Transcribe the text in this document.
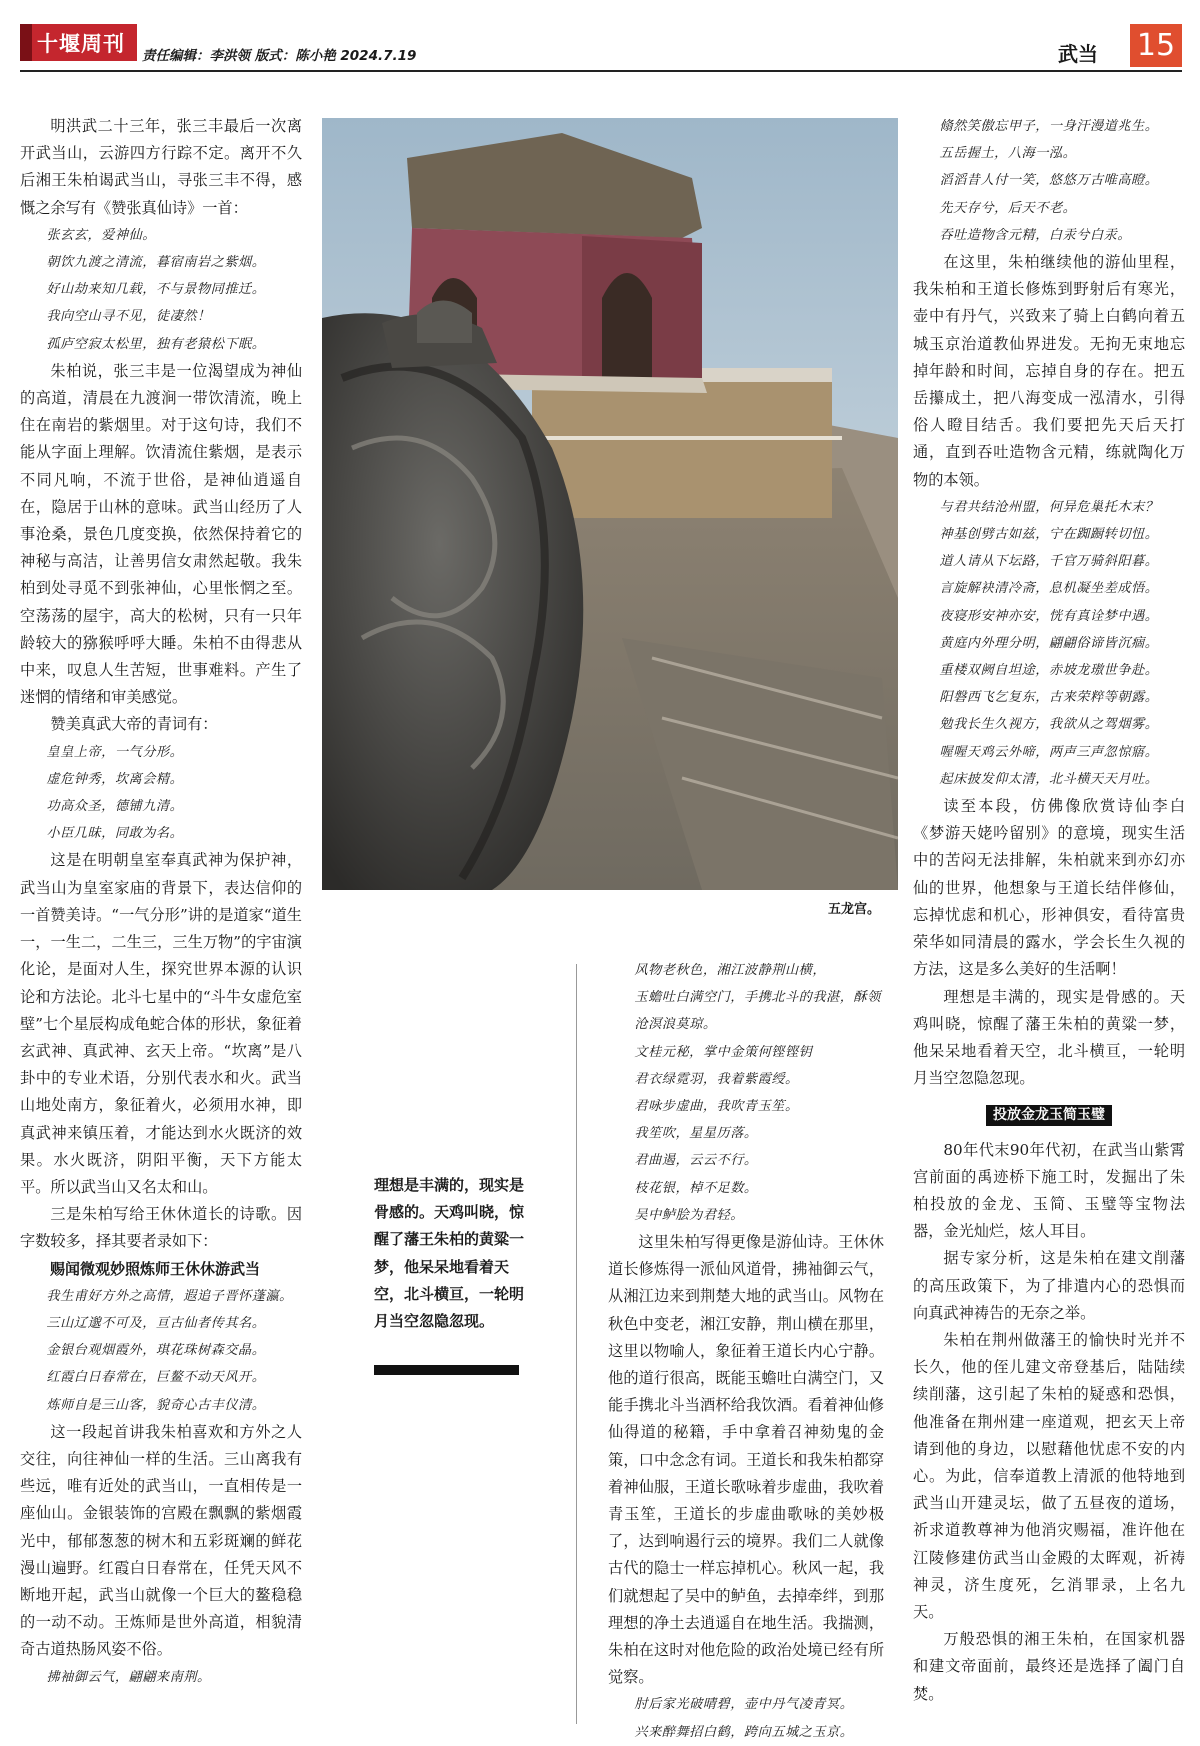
十堰周刊
责任编辑：李洪领 版式：陈小艳 2024.7.19	武当 15

明洪武二十三年，张三丰最后一次离开武当山，云游四方行踪不定。离开不久后湘王朱柏谒武当山，寻张三丰不得，感慨之余写有《赞张真仙诗》一首：

张玄玄，爱神仙。

朝饮九渡之清流，暮宿南岩之紫烟。

好山劫来知几载，不与景物同推迁。

我向空山寻不见，徒凄然！

孤庐空寂太松里，独有老猿松下眠。

朱柏说，张三丰是一位渴望成为神仙的高道，清晨在九渡涧一带饮清流，晚上住在南岩的紫烟里。对于这句诗，我们不能从字面上理解。饮清流住紫烟，是表示不同凡响，不流于世俗，是神仙逍遥自在，隐居于山林的意味。武当山经历了人事沧桑，景色几度变换，依然保持着它的神秘与高洁，让善男信女肃然起敬。我朱柏到处寻觅不到张神仙，心里怅惘之至。空荡荡的屋宇，高大的松树，只有一只年龄较大的猕猴呼呼大睡。朱柏不由得悲从中来，叹息人生苦短，世事难料。产生了迷惘的情绪和审美感觉。

赞美真武大帝的青词有：

皇皇上帝，一气分形。

虚危钟秀，坎离会精。

功高众圣，德铺九清。

小臣几昧，同敢为名。

这是在明朝皇室奉真武神为保护神，武当山为皇室家庙的背景下，表达信仰的一首赞美诗。“一气分形”讲的是道家“道生一，一生二，二生三，三生万物”的宇宙演化论，是面对人生，探究世界本源的认识论和方法论。北斗七星中的“斗牛女虚危室壁”七个星辰构成龟蛇合体的形状，象征着玄武神、真武神、玄天上帝。“坎离”是八卦中的专业术语，分别代表水和火。武当山地处南方，象征着火，必须用水神，即真武神来镇压着，才能达到水火既济的效果。水火既济，阴阳平衡，天下方能太平。所以武当山又名太和山。

三是朱柏写给王休休道长的诗歌。因字数较多，择其要者录如下：

赐闻微观妙照炼师王休休游武当

我生甫好方外之高情，遐追子晋怀蓬瀛。

三山辽邈不可及，亘古仙者传其名。

金银台观烟霞外，琪花珠树森交晶。

红霞白日春常在，巨鳌不动天风开。

炼师自是三山客，貌奇心古丰仪清。

这一段起首讲我朱柏喜欢和方外之人交往，向往神仙一样的生活。三山离我有些远，唯有近处的武当山，一直相传是一座仙山。金银装饰的宫殿在飘飘的紫烟霞光中，郁郁葱葱的树木和五彩斑斓的鲜花漫山遍野。红霞白日春常在，任凭天风不断地开起，武当山就像一个巨大的鳌稳稳的一动不动。王炼师是世外高道，相貌清奇古道热肠风姿不俗。

拂袖御云气，翩翩来南荆。

五龙宫。
理想是丰满的，现实是骨感的。天鸡叫晓，惊醒了藩王朱柏的黄粱一梦，他呆呆地看着天空，北斗横亘，一轮明月当空忽隐忽现。

风物老秋色，湘江波静荆山横，

玉蟾吐白满空门，手携北斗的我湛，酥领沧溟浪莫琼。

文桂元秘，掌中金策何铿铿钥

君衣绿霓羽，我着紫霞绶。

君咏步虚曲，我吹青玉笙。

我笙吹，星星历落。

君曲遏，云云不行。

枝花银，棹不足数。

吴中鲈脍为君轻。

这里朱柏写得更像是游仙诗。王休休道长修炼得一派仙风道骨，拂袖御云气，从湘江边来到荆楚大地的武当山。风物在秋色中变老，湘江安静，荆山横在那里，这里以物喻人，象征着王道长内心宁静。他的道行很高，既能玉蟾吐白满空门，又能手携北斗当酒杯给我饮酒。看着神仙修仙得道的秘籍，手中拿着召神劾鬼的金策，口中念念有词。王道长和我朱柏都穿着神仙服，王道长歌咏着步虚曲，我吹着青玉笙，王道长的步虚曲歌咏的美妙极了，达到响遏行云的境界。我们二人就像古代的隐士一样忘掉机心。秋风一起，我们就想起了吴中的鲈鱼，去掉牵绊，到那理想的净土去逍遥自在地生活。我揣测，朱柏在这时对他危险的政治处境已经有所觉察。

肘后家光破晴碧，壶中丹气凌青冥。

兴来醉舞招白鹤，跨向五城之玉京。

翛然笑傲忘甲子，一身汗漫道兆生。

五岳握土，八海一泓。

滔滔昔人付一笑，悠悠万古唯高瞪。

先天存兮，后天不老。

吞吐造物含元精，白汞兮白汞。

在这里，朱柏继续他的游仙里程，我朱柏和王道长修炼到野射后有寒光，壶中有丹气，兴致来了骑上白鹤向着五城玉京治道教仙界进发。无拘无束地忘掉年龄和时间，忘掉自身的存在。把五岳攥成土，把八海变成一泓清水，引得俗人瞪目结舌。我们要把先天后天打通，直到吞吐造物含元精，练就陶化万物的本领。

与君共结沧州盟，何异危巢托木末？

神基创劈古如兹，宁在踟蹰转切忸。

道人请从下坛路，千官万骑斜阳暮。

言旋解袂清冷斋，息机凝坐差成悟。

夜寝形安神亦安，恍有真诠梦中遇。

黄庭内外理分明，翩翩俗谛皆沉痼。

重楼双阙自坦途，赤坡龙璈世争赴。

阳磐西飞乞复东，古来荣粹等朝露。

勉我长生久视方，我欲从之驾烟雾。

喔喔天鸡云外啼，两声三声忽惊寤。

起床披发仰太清，北斗横天天月吐。

读至本段，仿佛像欣赏诗仙李白《梦游天姥吟留别》的意境，现实生活中的苦闷无法排解，朱柏就来到亦幻亦仙的世界，他想象与王道长结伴修仙，忘掉忧虑和机心，形神俱安，看待富贵荣华如同清晨的露水，学会长生久视的方法，这是多么美好的生活啊！

理想是丰满的，现实是骨感的。天鸡叫晓，惊醒了藩王朱柏的黄粱一梦，他呆呆地看着天空，北斗横亘，一轮明月当空忽隐忽现。

投放金龙玉简玉璧

80年代末90年代初，在武当山紫霄宫前面的禹迹桥下施工时，发掘出了朱柏投放的金龙、玉简、玉璧等宝物法器，金光灿烂，炫人耳目。

据专家分析，这是朱柏在建文削藩的高压政策下，为了排遣内心的恐惧而向真武神祷告的无奈之举。

朱柏在荆州做藩王的愉快时光并不长久，他的侄儿建文帝登基后，陆陆续续削藩，这引起了朱柏的疑惑和恐惧，他准备在荆州建一座道观，把玄天上帝请到他的身边，以慰藉他忧虑不安的内心。为此，信奉道教上清派的他特地到武当山开建灵坛，做了五昼夜的道场，祈求道教尊神为他消灾赐福，准许他在江陵修建仿武当山金殿的太晖观，祈祷神灵，济生度死，乞消罪录，上名九天。

万般恐惧的湘王朱柏，在国家机器和建文帝面前，最终还是选择了阖门自焚。
